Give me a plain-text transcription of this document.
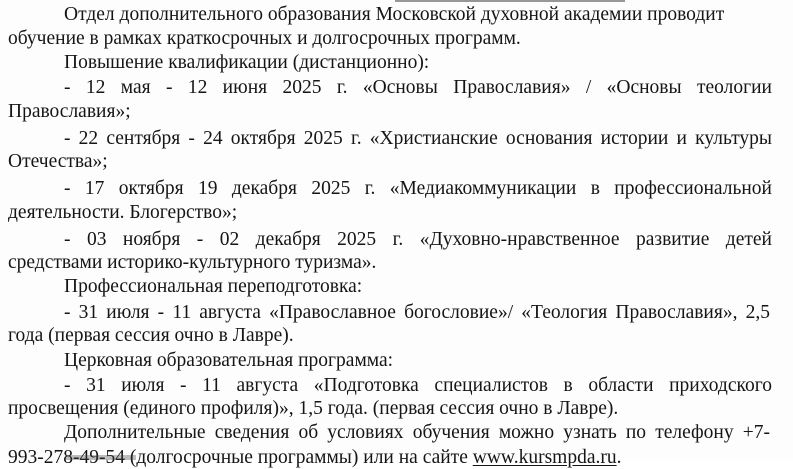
Отдел дополнительного образования Московской духовной академии проводит
обучение в рамках краткосрочных и долгосрочных программ.
Повышение квалификации (дистанционно):
- 12 мая - 12 июня 2025 г. «Основы Православия» / «Основы теологии
Православия»;
- 22 сентября - 24 октября 2025 г. «Христианские основания истории и культуры
Отечества»;
- 17 октября 19 декабря 2025 г. «Медиакоммуникации в профессиональной
деятельности. Блогерство»;
- 03 ноября - 02 декабря 2025 г. «Духовно-нравственное развитие детей
средствами историко-культурного туризма».
Профессиональная переподготовка:
- 31 июля - 11 августа «Православное богословие»/ «Теология Православия», 2,5
года (первая сессия очно в Лавре).
Церковная образовательная программа:
- 31 июля - 11 августа «Подготовка специалистов в области приходского
просвещения (единого профиля)», 1,5 года. (первая сессия очно в Лавре).
Дополнительные сведения об условиях обучения можно узнать по телефону +7-
993-278-49-54 (долгосрочные программы) или на сайте www.kursmpda.ru.
